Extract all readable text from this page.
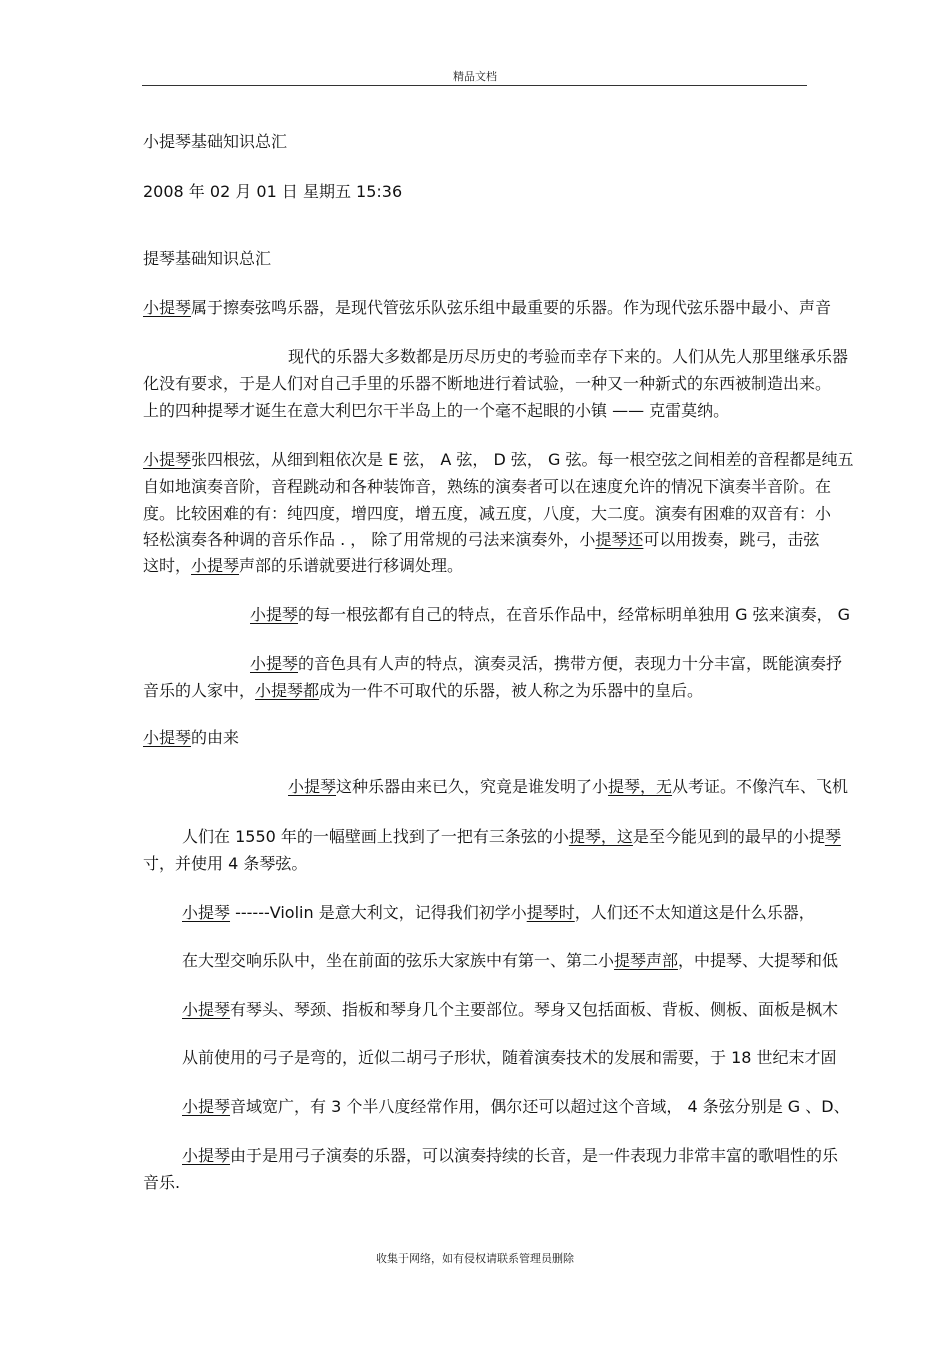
精品文档
小提琴基础知识总汇
2008 年 02 月 01 日 星期五 15:36
提琴基础知识总汇
小提琴属于擦奏弦鸣乐器，是现代管弦乐队弦乐组中最重要的乐器。作为现代弦乐器中最小、声音
现代的乐器大多数都是历尽历史的考验而幸存下来的。人们从先人那里继承乐器
化没有要求，于是人们对自己手里的乐器不断地进行着试验，一种又一种新式的东西被制造出来。
上的四种提琴才诞生在意大利巴尔干半岛上的一个毫不起眼的小镇 —— 克雷莫纳。
小提琴张四根弦，从细到粗依次是 E 弦， A 弦， D 弦， G 弦。每一根空弦之间相差的音程都是纯五
自如地演奏音阶，音程跳动和各种装饰音，熟练的演奏者可以在速度允许的情况下演奏半音阶。在
度。比较困难的有：纯四度，增四度，增五度，减五度，八度，大二度。演奏有困难的双音有：小
轻松演奏各种调的音乐作品 . ， 除了用常规的弓法来演奏外，小提琴还可以用拨奏，跳弓，击弦
这时，小提琴声部的乐谱就要进行移调处理。
小提琴的每一根弦都有自己的特点，在音乐作品中，经常标明单独用 G 弦来演奏， G
小提琴的音色具有人声的特点，演奏灵活，携带方便，表现力十分丰富，既能演奏抒
音乐的人家中，小提琴都成为一件不可取代的乐器，被人称之为乐器中的皇后。
小提琴的由来
小提琴这种乐器由来已久，究竟是谁发明了小提琴，无从考证。不像汽车、飞机
人们在 1550 年的一幅壁画上找到了一把有三条弦的小提琴，这是至今能见到的最早的小提琴
寸，并使用 4 条琴弦。
小提琴 ------Violin 是意大利文，记得我们初学小提琴时，人们还不太知道这是什么乐器，
在大型交响乐队中，坐在前面的弦乐大家族中有第一、第二小提琴声部，中提琴、大提琴和低
小提琴有琴头、琴颈、指板和琴身几个主要部位。琴身又包括面板、背板、侧板、面板是枫木
从前使用的弓子是弯的，近似二胡弓子形状，随着演奏技术的发展和需要，于 18 世纪末才固
小提琴音域宽广，有 3 个半八度经常作用，偶尔还可以超过这个音域， 4 条弦分别是 G 、D、
小提琴由于是用弓子演奏的乐器，可以演奏持续的长音，是一件表现力非常丰富的歌唱性的乐
音乐.
收集于网络，如有侵权请联系管理员删除
